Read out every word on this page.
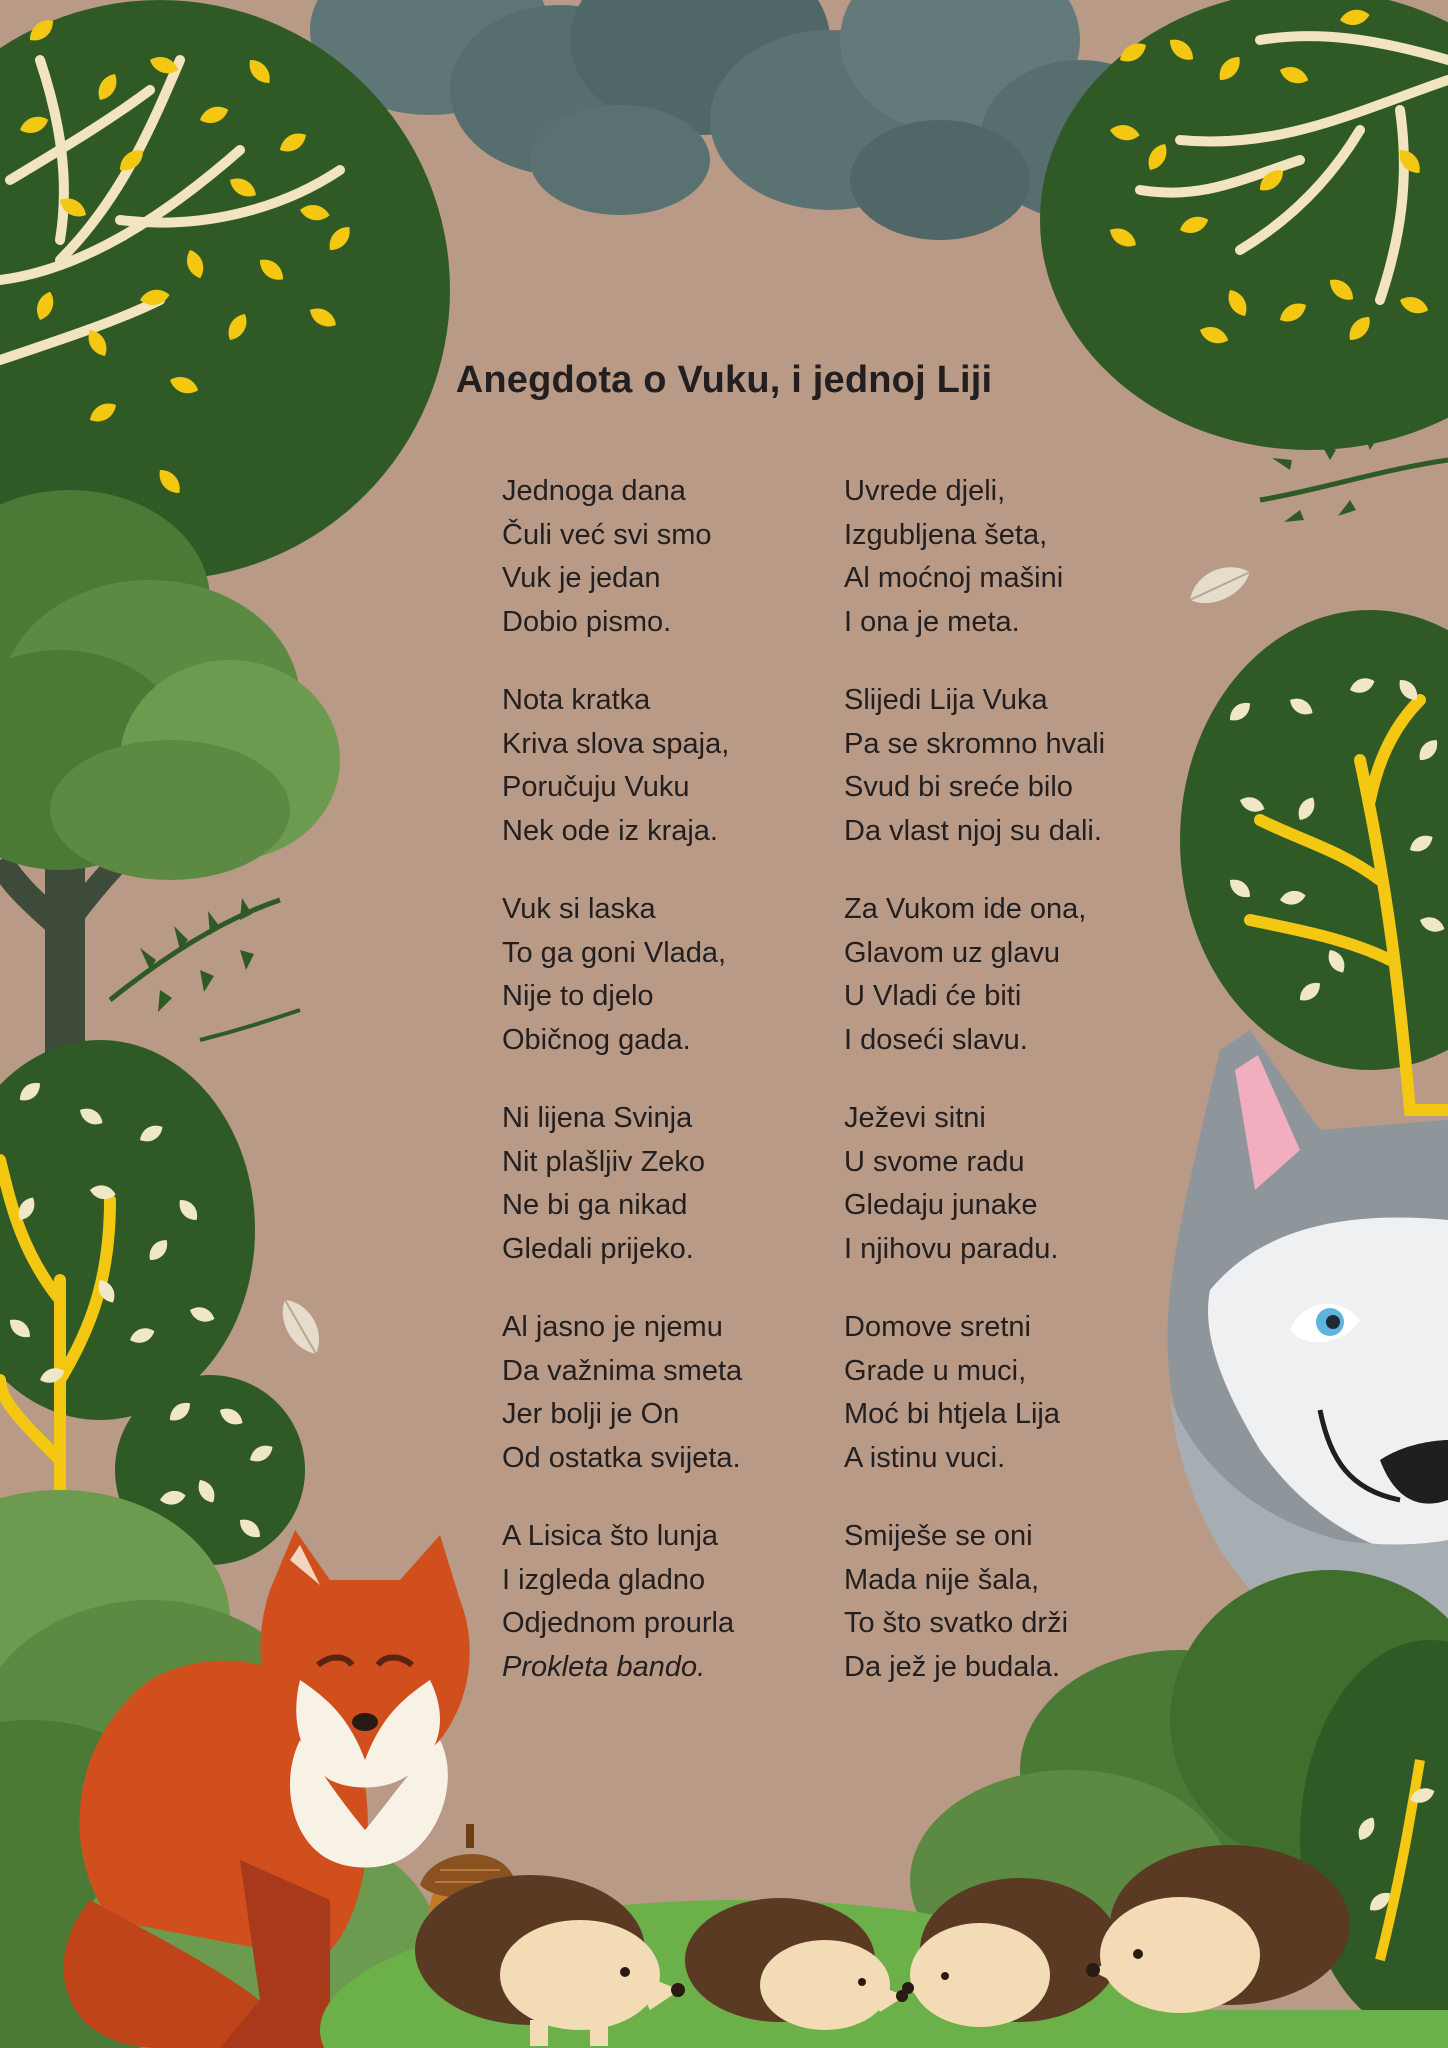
Anegdota o Vuku, i jednoj Liji
Jednoga dana
Čuli već svi smo
Vuk je jedan
Dobio pismo.
Nota kratka
Kriva slova spaja,
Poručuju Vuku
Nek ode iz kraja.
Vuk si laska
To ga goni Vlada,
Nije to djelo
Običnog gada.
Ni lijena Svinja
Nit plašljiv Zeko
Ne bi ga nikad
Gledali prijeko.
Al jasno je njemu
Da važnima smeta
Jer bolji je On
Od ostatka svijeta.
A Lisica što lunja
I izgleda gladno
Odjednom prourla
Prokleta bando.
Uvrede djeli,
Izgubljena šeta,
Al moćnoj mašini
I ona je meta.
Slijedi Lija Vuka
Pa se skromno hvali
Svud bi sreće bilo
Da vlast njoj su dali.
Za Vukom ide ona,
Glavom uz glavu
U Vladi će biti
I doseći slavu.
Ježevi sitni
U svome radu
Gledaju junake
I njihovu paradu.
Domove sretni
Grade u muci,
Moć bi htjela Lija
A istinu vuci.
Smiješe se oni
Mada nije šala,
To što svatko drži
Da jež je budala.
